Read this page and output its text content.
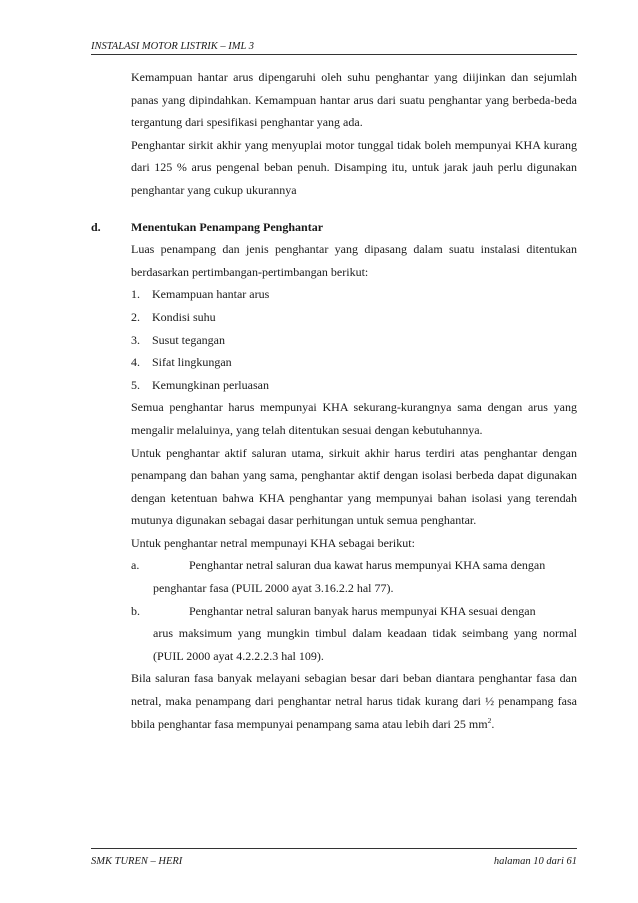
INSTALASI MOTOR LISTRIK – IML 3

Kemampuan hantar arus dipengaruhi oleh suhu penghantar yang diijinkan dan sejumlah panas yang dipindahkan. Kemampuan hantar arus dari suatu penghantar yang berbeda-beda tergantung dari spesifikasi penghantar yang ada.

Penghantar sirkit akhir yang menyuplai motor tunggal tidak boleh mempunyai KHA kurang dari 125 % arus pengenal beban penuh. Disamping itu, untuk jarak jauh perlu digunakan penghantar yang cukup ukurannya

d.	Menentukan Penampang Penghantar

Luas penampang dan jenis penghantar yang dipasang dalam suatu instalasi ditentukan berdasarkan pertimbangan-pertimbangan berikut:

1.	Kemampuan hantar arus
2.	Kondisi suhu
3.	Susut tegangan
4.	Sifat lingkungan
5.	Kemungkinan perluasan

Semua penghantar harus mempunyai KHA sekurang-kurangnya sama dengan arus yang mengalir melaluinya, yang telah ditentukan sesuai dengan kebutuhannya.

Untuk penghantar aktif saluran utama, sirkuit akhir harus terdiri atas penghantar dengan penampang dan bahan yang sama, penghantar aktif dengan isolasi berbeda dapat digunakan dengan ketentuan bahwa KHA penghantar yang mempunyai bahan isolasi yang terendah mutunya digunakan sebagai dasar perhitungan untuk semua penghantar.

Untuk penghantar netral mempunayi KHA sebagai berikut:

a.	Penghantar netral saluran dua kawat harus mempunyai KHA sama dengan

penghantar fasa (PUIL 2000 ayat 3.16.2.2 hal 77).

b.	Penghantar netral saluran banyak harus mempunyai KHA sesuai dengan

arus maksimum yang mungkin timbul dalam keadaan tidak seimbang yang normal (PUIL 2000 ayat 4.2.2.2.3 hal 109).

Bila saluran fasa banyak melayani sebagian besar dari beban diantara penghantar fasa dan netral, maka penampang dari penghantar netral harus tidak kurang dari ½ penampang fasa bbila penghantar fasa mempunyai penampang sama atau lebih dari 25 $mm^2$.

SMK TUREN – HERI	halaman 10 dari 61
